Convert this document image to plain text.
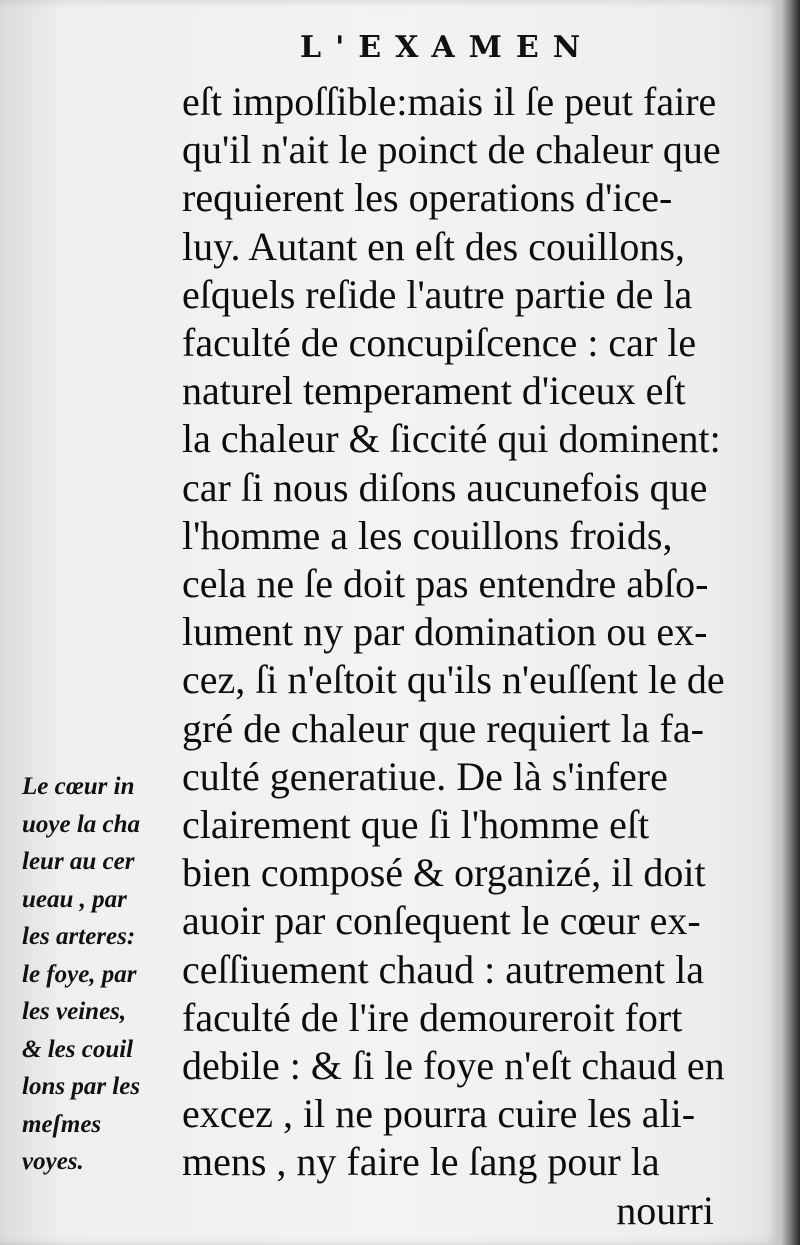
L'EXAMEN
eſt impoſſible:mais il ſe peut faire
qu'il n'ait le poinct de chaleur que
requierent les operations d'ice-
luy. Autant en eſt des couillons,
eſquels reſide l'autre partie de la
faculté de concupiſcence : car le
naturel temperament d'iceux eſt
la chaleur & ſiccité qui dominent:
car ſi nous diſons aucunefois que
l'homme a les couillons froids,
cela ne ſe doit pas entendre abſo-
lument ny par domination ou ex-
cez, ſi n'eſtoit qu'ils n'euſſent le de
gré de chaleur que requiert la fa-
culté generatiue. De là s'infere
clairement que ſi l'homme eſt
bien composé & organizé, il doit
auoir par conſequent le cœur ex-
ceſſiuement chaud : autrement la
faculté de l'ire demoureroit fort
debile : & ſi le foye n'eſt chaud en
excez , il ne pourra cuire les ali-
mens , ny faire le ſang pour la
nourri
Le cœur in
uoye la cha
leur au cer
ueau , par
les arteres:
le foye, par
les veines,
& les couil
lons par les
meſmes
voyes.
